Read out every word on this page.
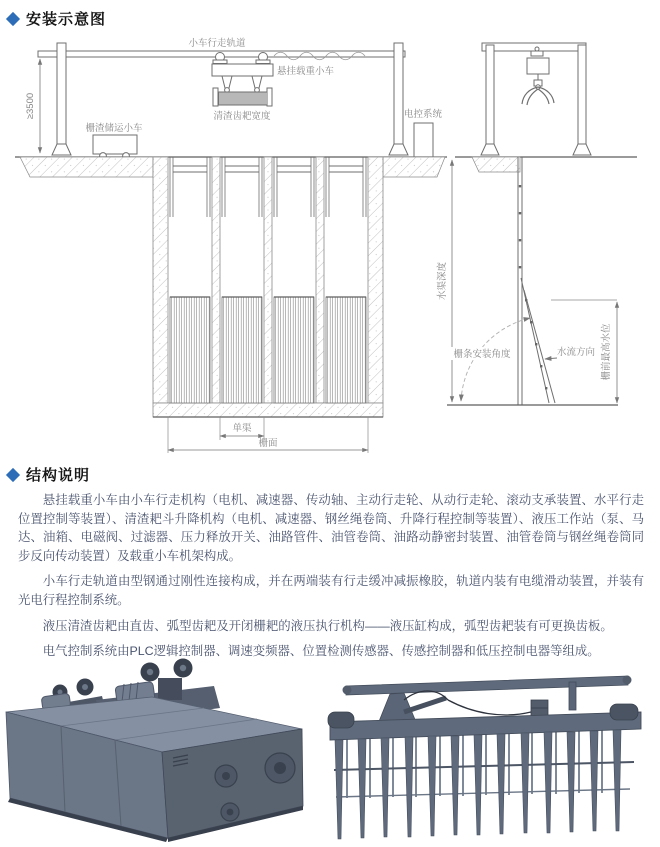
安装示意图
小车行走轨道
悬挂载重小车
清渣齿耙宽度
栅渣储运小车
电控系统
≥3500
单渠
栅面
水渠深度
栅条安装角度	水流方向 栅前最高水位
结构说明

悬挂载重小车由小车行走机构（电机、减速器、传动轴、主动行走轮、从动行走轮、滚动支承装置、水平行走位置控制等装置）、清渣耙斗升降机构（电机、减速器、钢丝绳卷筒、升降行程控制等装置）、液压工作站（泵、马达、油箱、电磁阀、过滤器、压力释放开关、油路管件、油管卷筒、油路动静密封装置、油管卷筒与钢丝绳卷筒同步反向传动装置）及载重小车机架构成。

小车行走轨道由型钢通过刚性连接构成，并在两端装有行走缓冲减振橡胶，轨道内装有电缆滑动装置，并装有光电行程控制系统。

液压清渣齿耙由直齿、弧型齿耙及开闭栅耙的液压执行机构——液压缸构成，弧型齿耙装有可更换齿板。

电气控制系统由PLC逻辑控制器、调速变频器、位置检测传感器、传感控制器和低压控制电器等组成。
